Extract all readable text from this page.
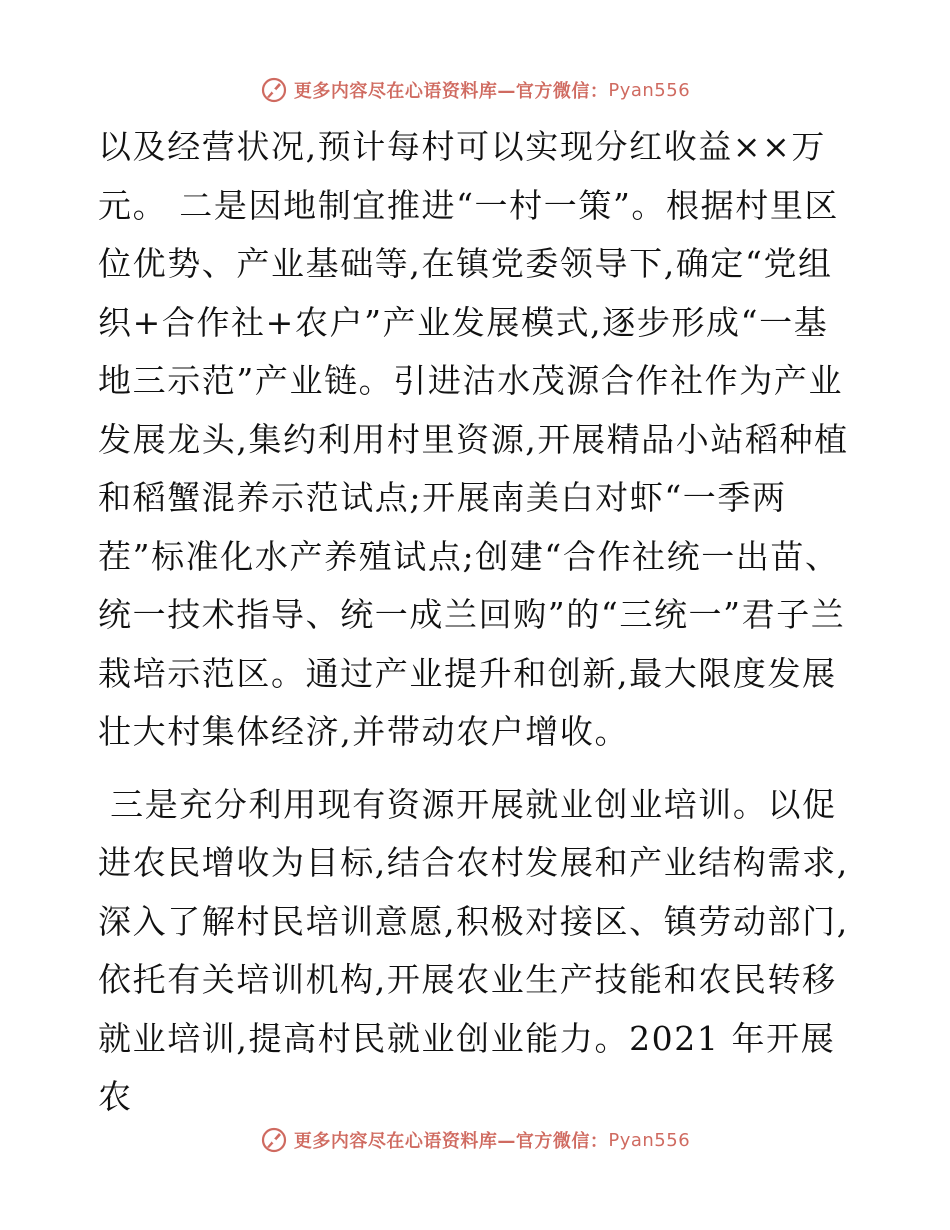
更多内容尽在心语资料库—官方微信： Pyan556

以及经营状况,预计每村可以实现分红收益××万元。 二是因地制宜推进“一村一策”。根据村里区位优势、产业基础等,在镇党委领导下,确定“党组织+合作社+农户”产业发展模式,逐步形成“一基地三示范”产业链。引进沽水茂源合作社作为产业发展龙头,集约利用村里资源,开展精品小站稻种植和稻蟹混养示范试点;开展南美白对虾“一季两茬”标准化水产养殖试点;创建“合作社统一出苗、统一技术指导、统一成兰回购”的“三统一”君子兰栽培示范区。通过产业提升和创新,最大限度发展壮大村集体经济,并带动农户增收。

三是充分利用现有资源开展就业创业培训。以促进农民增收为目标,结合农村发展和产业结构需求,深入了解村民培训意愿,积极对接区、镇劳动部门,依托有关培训机构,开展农业生产技能和农民转移就业培训,提高村民就业创业能力。2021 年开展农

更多内容尽在心语资料库—官方微信： Pyan556
